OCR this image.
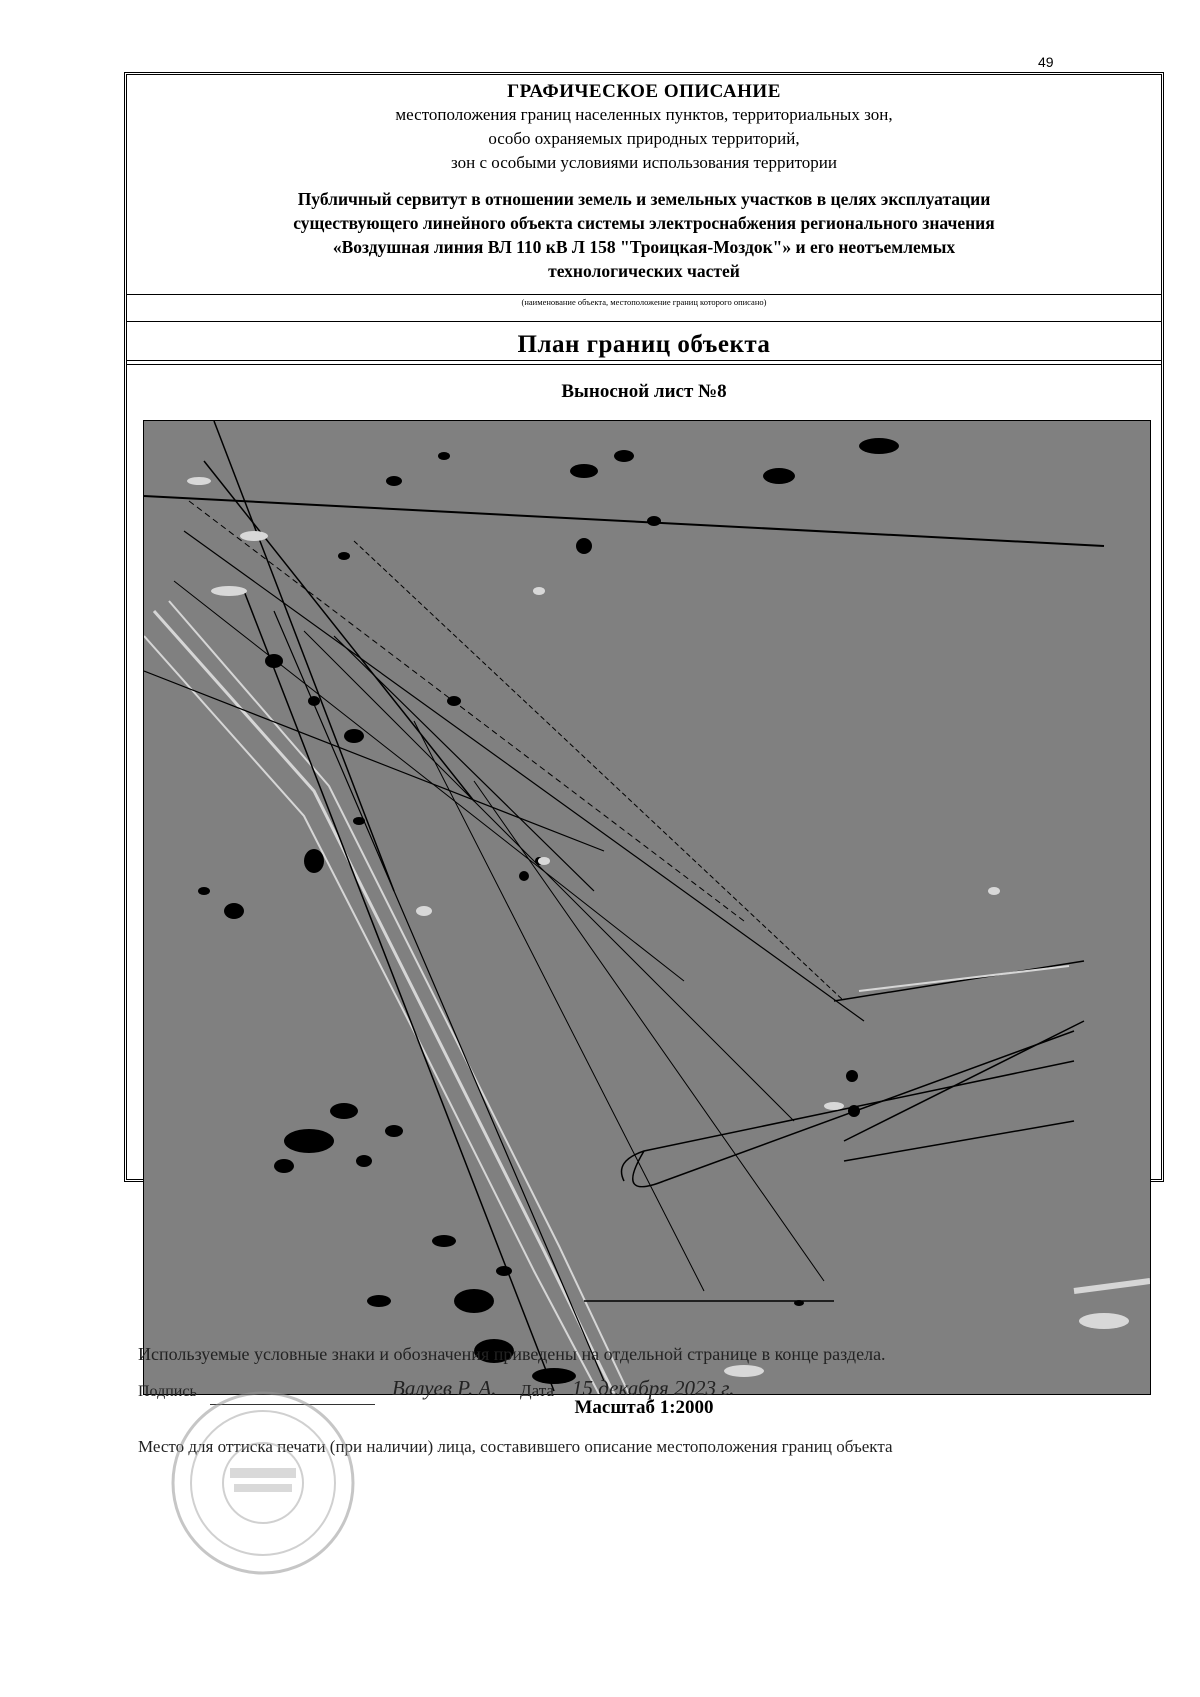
49
ГРАФИЧЕСКОЕ ОПИСАНИЕ
местоположения границ населенных пунктов, территориальных зон,
особо охраняемых природных территорий,
зон с особыми условиями использования территории
Публичный сервитут в отношении земель и земельных участков в целях эксплуатации
существующего линейного объекта системы электроснабжения регионального значения
«Воздушная линия ВЛ 110 кВ Л 158 "Троицкая-Моздок"» и его неотъемлемых
технологических частей
(наименование объекта, местоположение границ которого описано)
План границ объекта
Выносной лист №8
Масштаб 1:2000
Используемые условные знаки и обозначения приведены на отдельной странице в конце раздела.
Подпись	Валуев Р. А. Дата 15 декабря 2023 г.
Место для оттиска печати (при наличии) лица, составившего описание местоположения границ объекта
